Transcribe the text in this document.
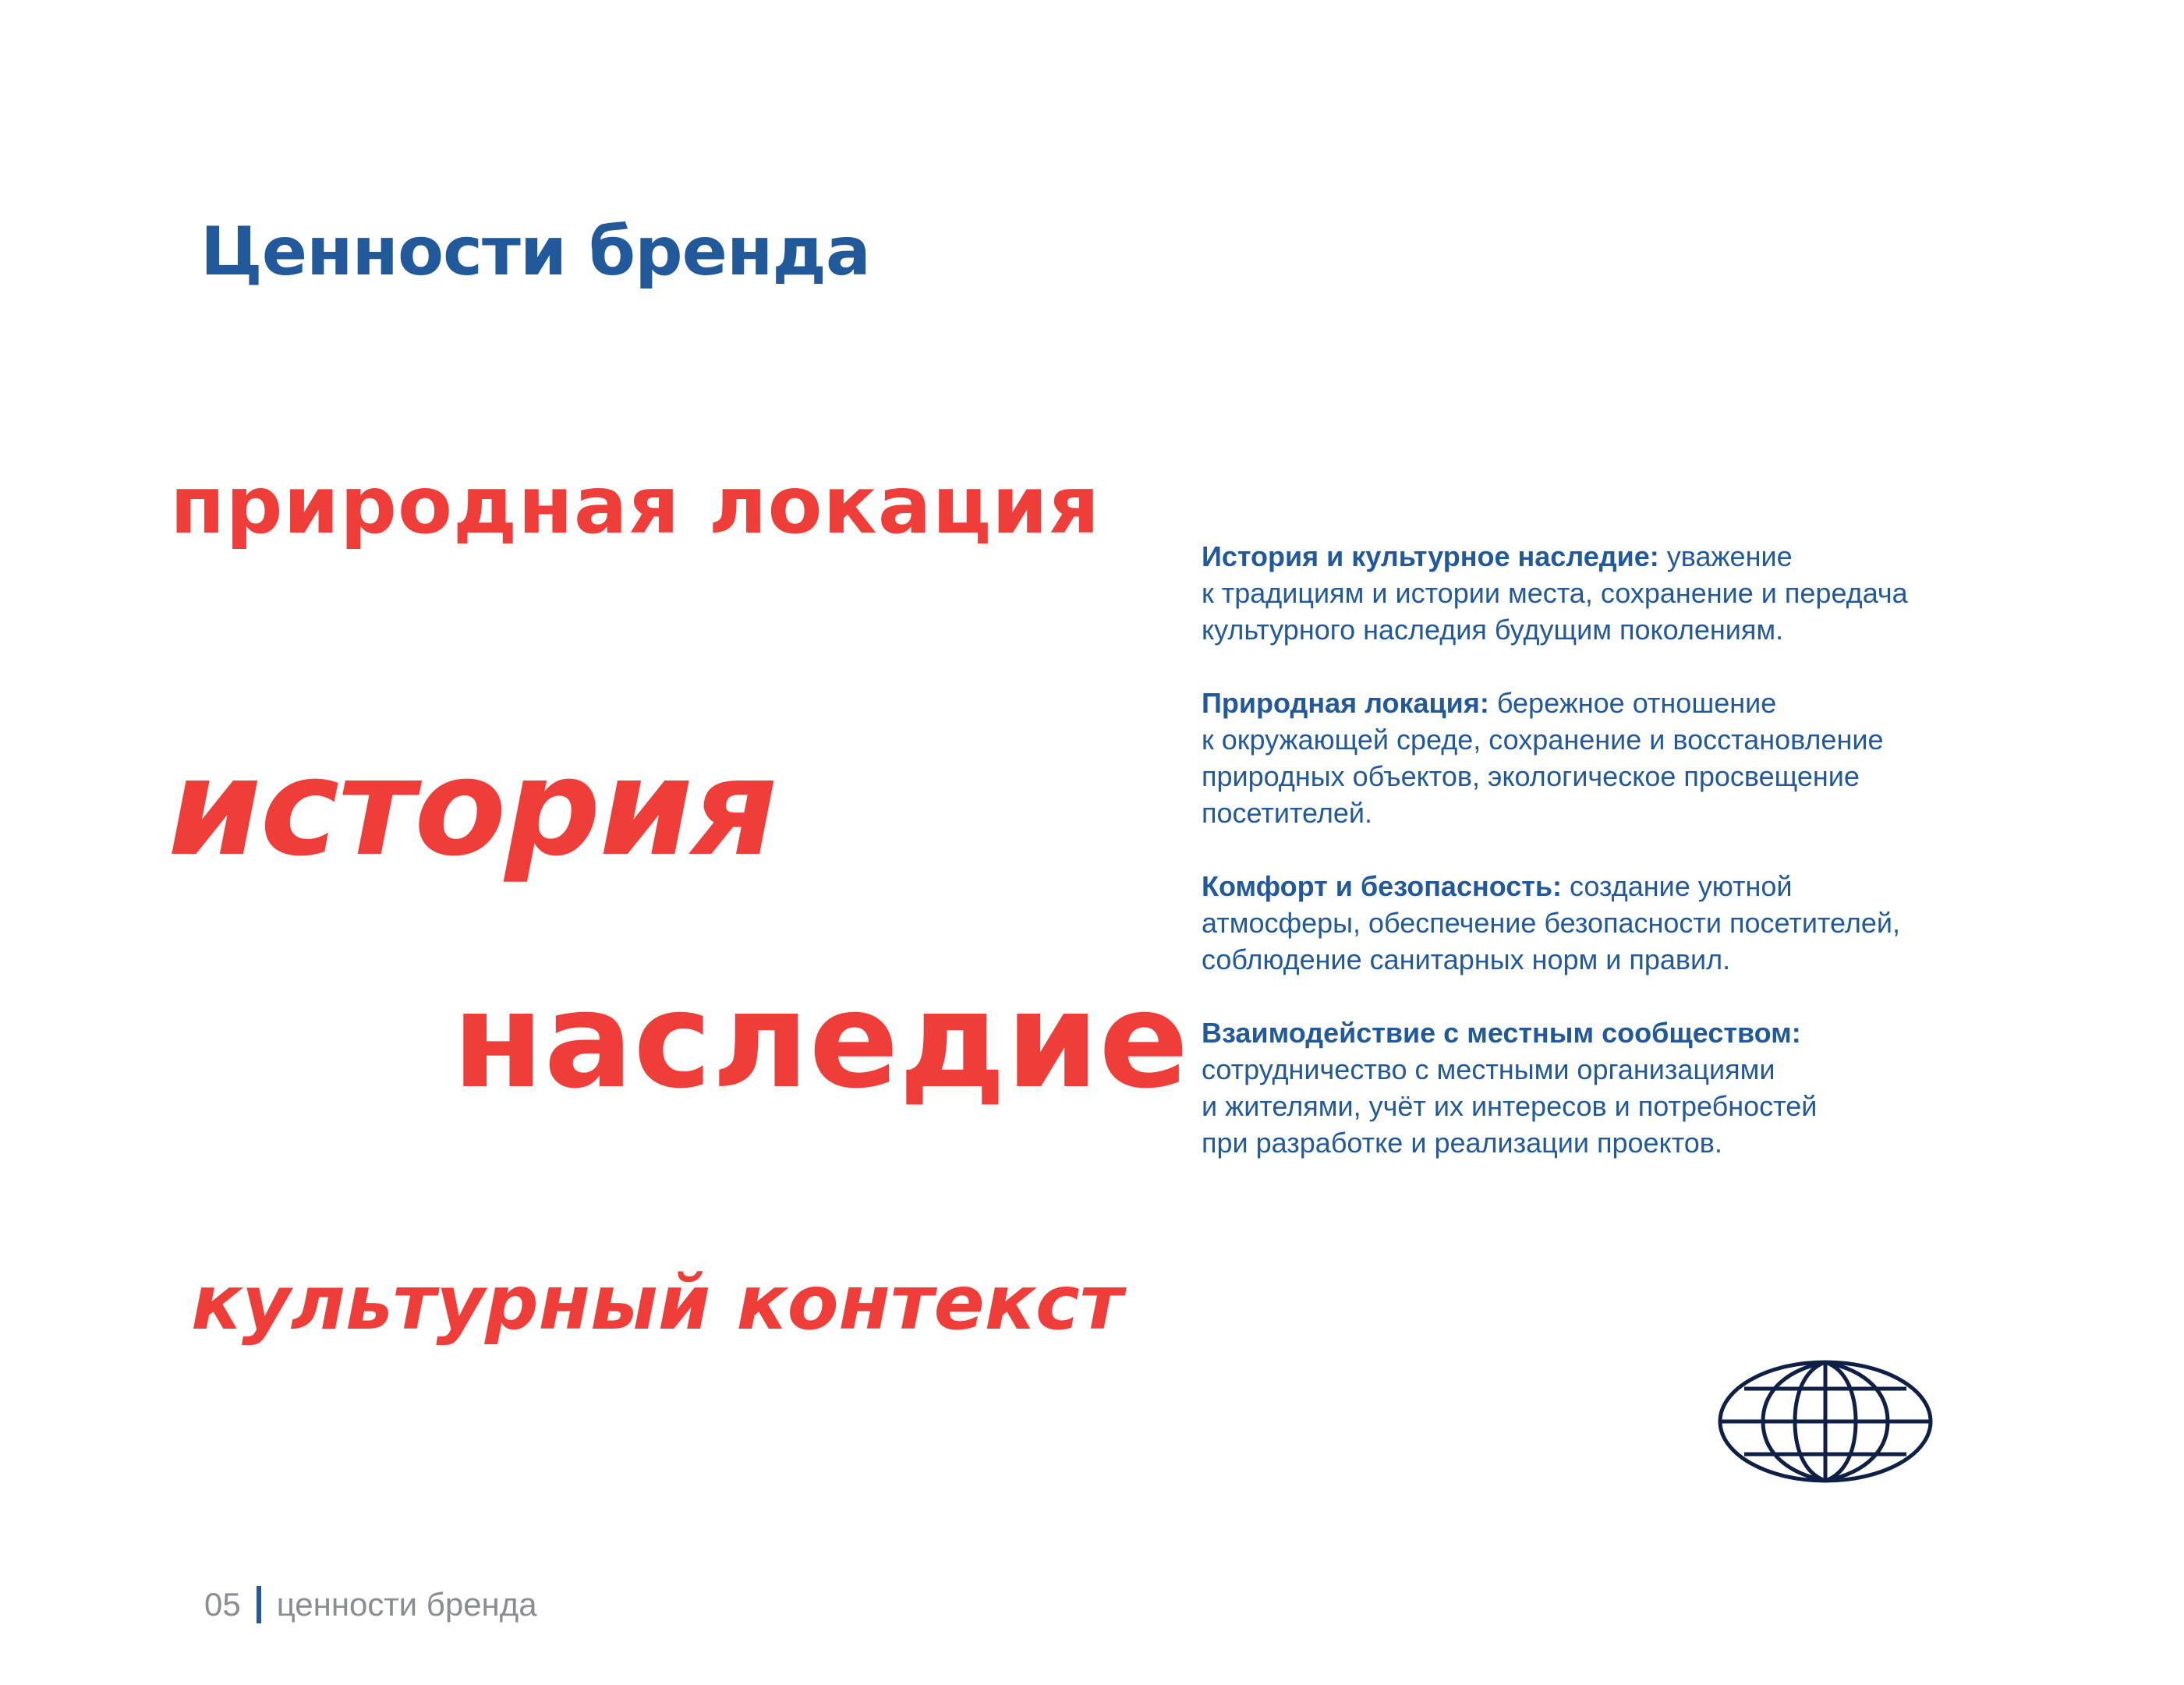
Ценности бренда
природная локация
история
наследие
культурный контекст

История и культурное наследие: уважение
к традициям и истории места, сохранение и передача
культурного наследия будущим поколениям.

Природная локация: бережное отношение
к окружающей среде, сохранение и восстановление
природных объектов, экологическое просвещение
посетителей.

Комфорт и безопасность: создание уютной
атмосферы, обеспечение безопасности посетителей,
соблюдение санитарных норм и правил.

Взаимодействие с местным сообществом:
сотрудничество с местными организациями
и жителями, учёт их интересов и потребностей
при разработке и реализации проектов.

05 ценности бренда
